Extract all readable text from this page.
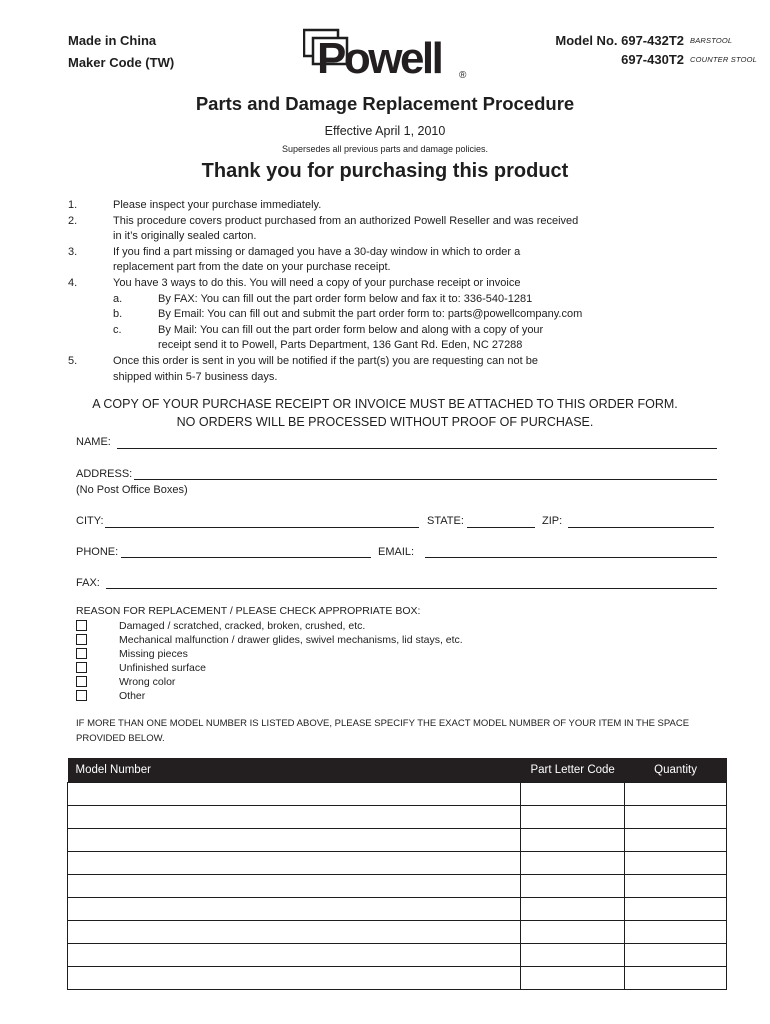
Made in China
Maker Code (TW)	Powell ®
Model No. 697-432T2 BARSTOOL
697-430T2 COUNTER STOOL
Parts and Damage Replacement Procedure
Effective April 1, 2010
Supersedes all previous parts and damage policies.
Thank you for purchasing this product
1.	Please inspect your purchase immediately.
2.	This procedure covers product purchased from an authorized Powell Reseller and was received
in it’s originally sealed carton.
3.	If you find a part missing or damaged you have a 30-day window in which to order a
replacement part from the date on your purchase receipt.
4.	You have 3 ways to do this. You will need a copy of your purchase receipt or invoice
a.	By FAX: You can fill out the part order form below and fax it to: 336-540-1281
b.	By Email: You can fill out and submit the part order form to: parts@powellcompany.com
c.	By Mail: You can fill out the part order form below and along with a copy of your
receipt send it to Powell, Parts Department, 136 Gant Rd. Eden, NC 27288
5.	Once this order is sent in you will be notified if the part(s) you are requesting can not be
shipped within 5-7 business days.
A COPY OF YOUR PURCHASE RECEIPT OR INVOICE MUST BE ATTACHED TO THIS ORDER FORM.
NO ORDERS WILL BE PROCESSED WITHOUT PROOF OF PURCHASE.
NAME:
ADDRESS:
(No Post Office Boxes)
CITY:	STATE:	ZIP:
PHONE:	EMAIL:
FAX:
REASON FOR REPLACEMENT / PLEASE CHECK APPROPRIATE BOX:
Damaged / scratched, cracked, broken, crushed, etc.
Mechanical malfunction / drawer glides, swivel mechanisms, lid stays, etc.
Missing pieces
Unfinished surface
Wrong color
Other
IF MORE THAN ONE MODEL NUMBER IS LISTED ABOVE, PLEASE SPECIFY THE EXACT MODEL NUMBER OF YOUR ITEM IN THE SPACE
PROVIDED BELOW.
Model Number	Part Letter Code	Quantity
